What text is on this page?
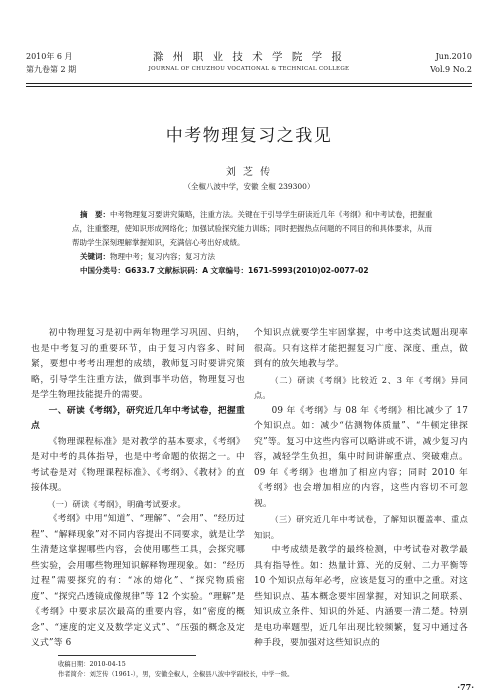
2010年 6 月
第九卷第 2 期
滁 州 职 业 技 术 学 院 学 报
JOURNAL OF CHUZHOU VOCATIONAL & TECHNICAL COLLEGE
Jun.2010
Vol.9 No.2
中考物理复习之我见
刘 芝 传
（全椒八波中学，安徽 全椒 239300）
摘　要：中考物理复习要讲究策略，注重方法。关键在于引导学生研读近几年《考纲》和中考试卷，把握重点，注重整理，使知识形成网络化；加强试验探究能力训练；同时把握热点问题的不同目的和具体要求，从而帮助学生深刻理解掌握知识，充满信心考出好成绩。
关键词：物理中考；复习内容；复习方法
中国分类号：G633.7 文献标识码：A 文章编号：1671-5993(2010)02-0077-02

初中物理复习是初中两年物理学习巩固、归纳，也是中考复习的重要环节，由于复习内容多、时间紧，要想中考考出理想的成绩，教师复习时要讲究策略，引导学生注重方法，做到事半功倍，物理复习也是学生物理技能提升的需要。

一、研读《考纲》，研究近几年中考试卷，把握重点

《物理课程标准》是对教学的基本要求，《考纲》是对中考的具体指导，也是中考命题的依据之一。中考试卷是对《物理课程标准》、《考纲》、《教材》的直接体现。

（一）研读《考纲》，明确考试要求。

《考纲》中用“知道”、“理解”、“会用”、“经历过程”、“解释现象”对不同内容提出不同要求，就是让学生清楚这掌握哪些内容，会使用哪些工具，会探究哪些实验，会用哪些物理知识解释物理现象。如：“经历过程”需要探究的有：“冰的熔化”、“探究物质密度”、“探究凸透镜成像规律”等 12 个实验。“理解”是《考纲》中要求层次最高的重要内容，如“密度的概念”、“速度的定义及数学定义式”、“压强的概念及定义式”等 6

个知识点就要学生牢固掌握，中考中这类试题出现率很高。只有这样才能把握复习广度、深度、重点，做到有的放矢地教与学。

（二）研读《考纲》比较近 2、3 年《考纲》异同点。

09 年《考纲》与 08 年《考纲》相比减少了 17 个知识点。如：减少“估测物体质量”、“牛顿定律探究”等。复习中这些内容可以略讲或不讲，减少复习内容，减轻学生负担，集中时间讲解重点、突破难点。09 年《考纲》也增加了相应内容；同时 2010 年《考纲》也会增加相应的内容，这些内容切不可忽视。

（三）研究近几年中考试卷，了解知识覆盖率、重点知识。

中考成绩是教学的最终检测，中考试卷对教学最具有指导性。如：热量计算、光的反射、二力平衡等 10 个知识点每年必考，应该是复习的重中之重。对这些知识点、基本概念要牢固掌握，对知识之间联系、知识成立条件、知识的外延、内涵要一清二楚。特别是电功率题型，近几年出现比较频繁，复习中通过各种手段，要加强对这些知识点的

收稿日期：2010-04-15
作者简介：刘芝传（1961-），男，安徽全椒人，全椒县八波中学副校长，中学一级。
·77·
